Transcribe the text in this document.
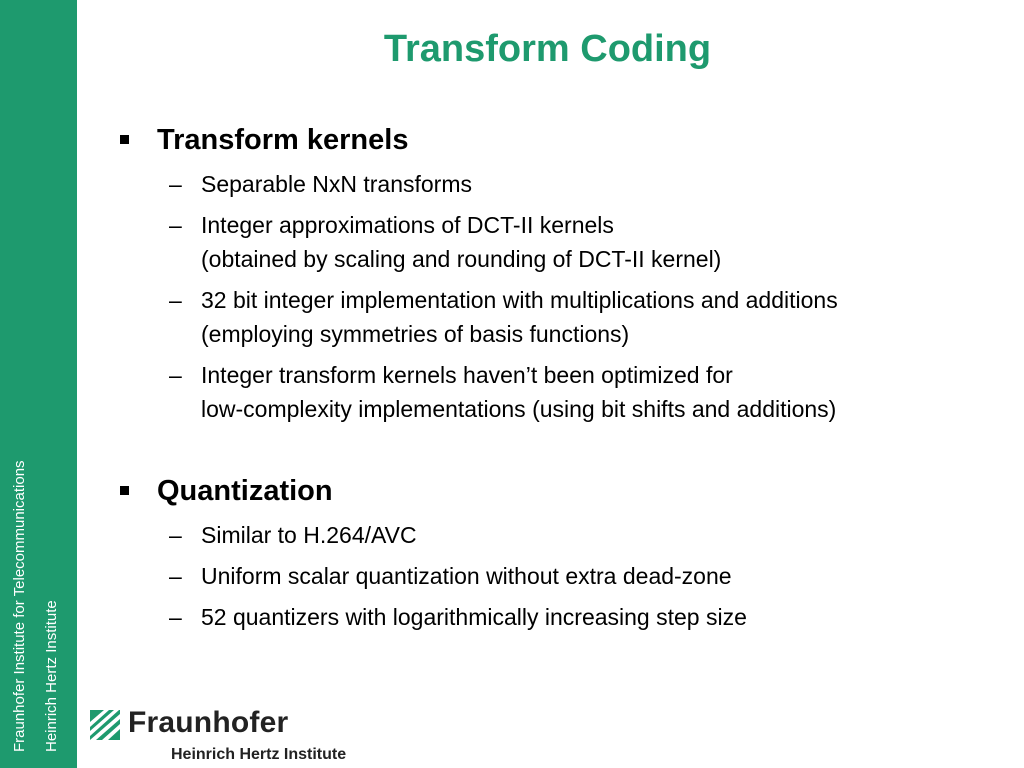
Fraunhofer Institute for Telecommunications Heinrich Hertz Institute
Transform Coding
Transform kernels
– Separable NxN transforms
– Integer approximations of DCT-II kernels
(obtained by scaling and rounding of DCT-II kernel)
– 32 bit integer implementation with multiplications and additions
(employing symmetries of basis functions)
– Integer transform kernels haven’t been optimized for
low-complexity implementations (using bit shifts and additions)
Quantization
– Similar to H.264/AVC
– Uniform scalar quantization without extra dead-zone
– 52 quantizers with logarithmically increasing step size
Fraunhofer
Heinrich Hertz Institute
